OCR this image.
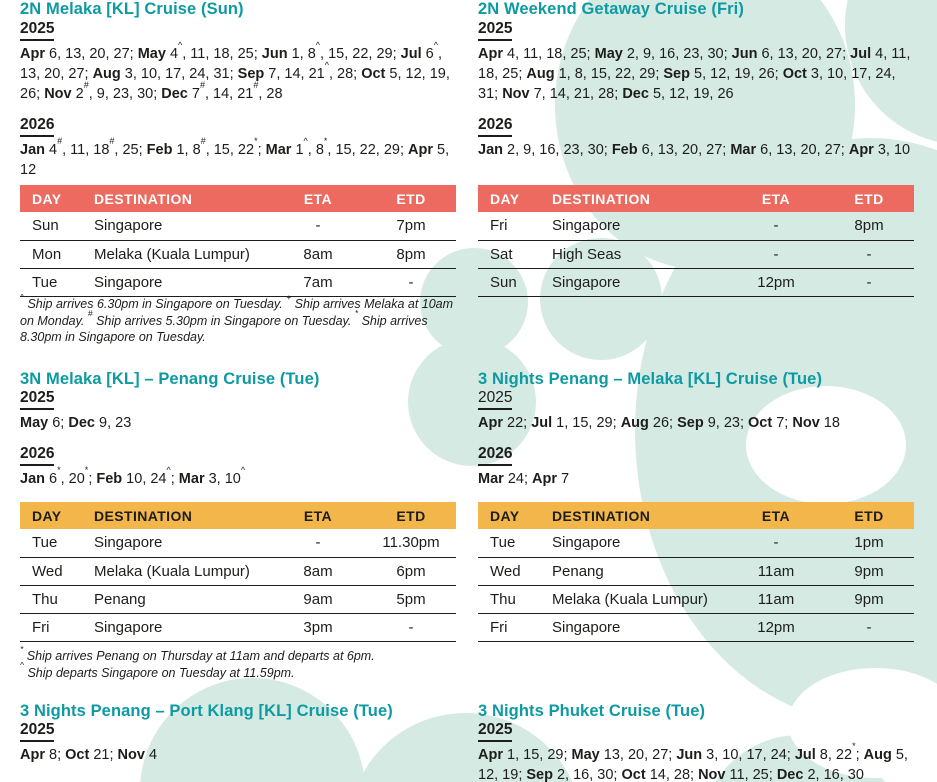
2N Melaka [KL] Cruise (Sun)
2025

Apr 6, 13, 20, 27; May 4^, 11, 18, 25; Jun 1, 8^, 15, 22, 29; Jul 6^, 13, 20, 27; Aug 3, 10, 17, 24, 31; Sep 7, 14, 21^, 28; Oct 5, 12, 19, 26; Nov 2#, 9, 23, 30; Dec 7#, 14, 21#, 28

2026

Jan 4#, 11, 18#, 25; Feb 1, 8#, 15, 22*; Mar 1^, 8*, 15, 22, 29; Apr 5, 12

DAY	DESTINATION	ETA	ETD
Sun	Singapore	-	7pm
Mon	Melaka (Kuala Lumpur)	8am	8pm
Tue	Singapore	7am	-

^ Ship arrives 6.30pm in Singapore on Tuesday. + Ship arrives Melaka at 10am on Monday. # Ship arrives 5.30pm in Singapore on Tuesday. * Ship arrives 8.30pm in Singapore on Tuesday.

3N Melaka [KL] – Penang Cruise (Tue)
2025

May 6; Dec 9, 23

2026

Jan 6*, 20*; Feb 10, 24^; Mar 3, 10^

DAY	DESTINATION	ETA	ETD
Tue	Singapore	-	11.30pm
Wed	Melaka (Kuala Lumpur)	8am	6pm
Thu	Penang	9am	5pm
Fri	Singapore	3pm	-
* Ship arrives Penang on Thursday at 11am and departs at 6pm.
^ Ship departs Singapore on Tuesday at 11.59pm.
3 Nights Penang – Port Klang [KL] Cruise (Tue)
2025

Apr 8; Oct 21; Nov 4

2N Weekend Getaway Cruise (Fri)
2025

Apr 4, 11, 18, 25; May 2, 9, 16, 23, 30; Jun 6, 13, 20, 27; Jul 4, 11, 18, 25; Aug 1, 8, 15, 22, 29; Sep 5, 12, 19, 26; Oct 3, 10, 17, 24, 31; Nov 7, 14, 21, 28; Dec 5, 12, 19, 26

2026

Jan 2, 9, 16, 23, 30; Feb 6, 13, 20, 27; Mar 6, 13, 20, 27; Apr 3, 10

DAY	DESTINATION	ETA	ETD
Fri	Singapore	-	8pm
Sat	High Seas	-	-
Sun	Singapore	12pm	-
3 Nights Penang – Melaka [KL] Cruise (Tue)
2025

Apr 22; Jul 1, 15, 29; Aug 26; Sep 9, 23; Oct 7; Nov 18

2026

Mar 24; Apr 7

DAY	DESTINATION	ETA	ETD
Tue	Singapore	-	1pm
Wed	Penang	11am	9pm
Thu	Melaka (Kuala Lumpur)	11am	9pm
Fri	Singapore	12pm	-
3 Nights Phuket Cruise (Tue)
2025

Apr 1, 15, 29; May 13, 20, 27; Jun 3, 10, 17, 24; Jul 8, 22*; Aug 5, 12, 19; Sep 2, 16, 30; Oct 14, 28; Nov 11, 25; Dec 2, 16, 30
